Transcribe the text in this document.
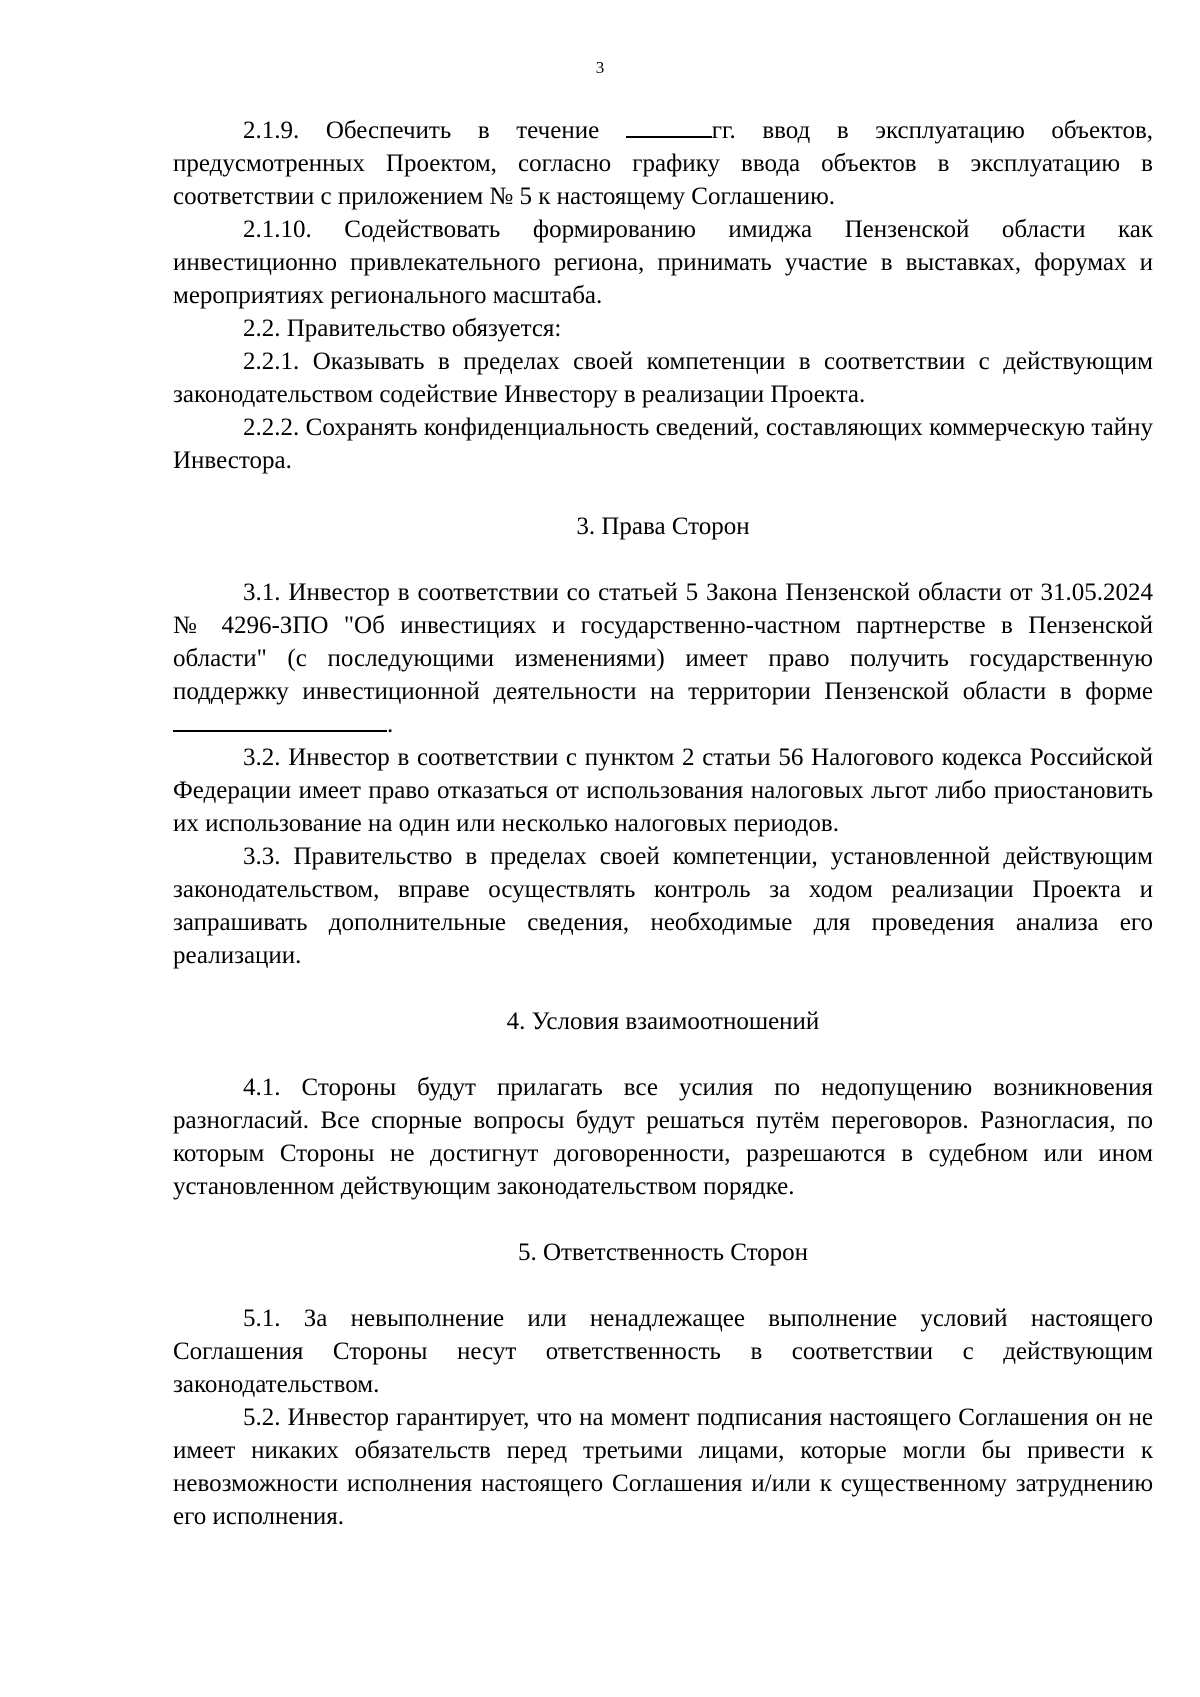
3

2.1.9. Обеспечить в течение	гг. ввод в эксплуатацию объектов, предусмотренных Проектом, согласно графику ввода объектов в эксплуатацию в соответствии с приложением № 5 к настоящему Соглашению.

2.1.10. Содействовать формированию имиджа Пензенской области как инвестиционно привлекательного региона, принимать участие в выставках, форумах и мероприятиях регионального масштаба.

2.2. Правительство обязуется:

2.2.1. Оказывать в пределах своей компетенции в соответствии с действующим законодательством содействие Инвестору в реализации Проекта.

2.2.2. Сохранять конфиденциальность сведений, составляющих коммерческую тайну Инвестора.

3. Права Сторон

3.1. Инвестор в соответствии со статьей 5 Закона Пензенской области от 31.05.2024 № 4296-ЗПО "Об инвестициях и государственно-частном партнерстве в Пензенской области" (с последующими изменениями) имеет право получить государственную поддержку инвестиционной деятельности на территории Пензенской области в форме .

3.2. Инвестор в соответствии с пунктом 2 статьи 56 Налогового кодекса Российской Федерации имеет право отказаться от использования налоговых льгот либо приостановить их использование на один или несколько налоговых периодов.

3.3. Правительство в пределах своей компетенции, установленной действующим законодательством, вправе осуществлять контроль за ходом реализации Проекта и запрашивать дополнительные сведения, необходимые для проведения анализа его реализации.

4. Условия взаимоотношений

4.1. Стороны будут прилагать все усилия по недопущению возникновения разногласий. Все спорные вопросы будут решаться путём переговоров. Разногласия, по которым Стороны не достигнут договоренности, разрешаются в судебном или ином установленном действующим законодательством порядке.

5. Ответственность Сторон

5.1. За невыполнение или ненадлежащее выполнение условий настоящего Соглашения Стороны несут ответственность в соответствии с действующим законодательством.

5.2. Инвестор гарантирует, что на момент подписания настоящего Соглашения он не имеет никаких обязательств перед третьими лицами, которые могли бы привести к невозможности исполнения настоящего Соглашения и/или к существенному затруднению его исполнения.
